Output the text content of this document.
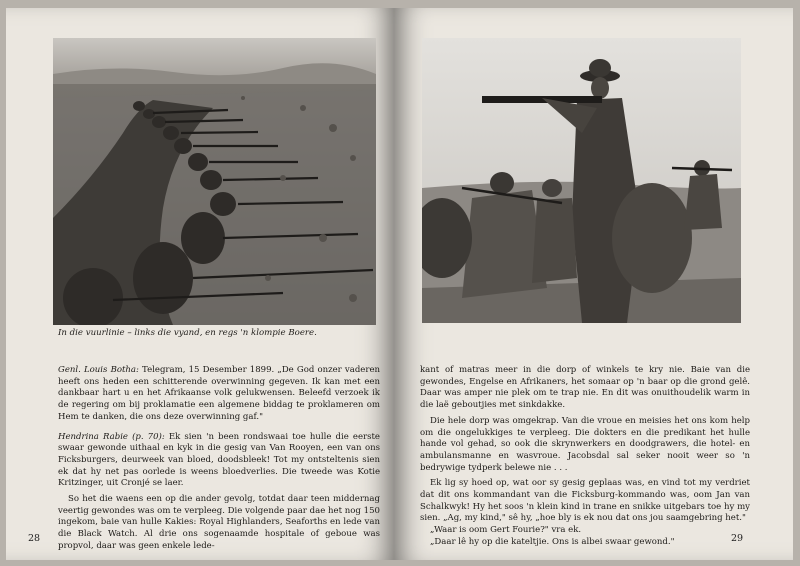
In die vuurlinie – links die vyand, en regs 'n klompie Boere.

Genl. Louis Botha: Telegram, 15 Desember 1899. „De God onzer vaderen heeft ons heden een schitterende overwinning gegeven. Ik kan met een dankbaar hart u en het Afrikaanse volk gelukwensen. Beleefd verzoek ik de regering om bij proklamatie een algemene biddag te proklameren om Hem te danken, die ons deze overwinning gaf."

Hendrina Rabie (p. 70): Ek sien 'n been rondswaai toe hulle die eerste swaar gewonde uithaal en kyk in die gesig van Van Rooyen, een van ons Ficksburgers, deurweek van bloed, doodsbleek! Tot my ontsteltenis sien ek dat hy net pas oorlede is weens bloedverlies. Die tweede was Kotie Kritzinger, uit Cronjé se laer.

So het die waens een op die ander gevolg, totdat daar teen middernag veertig gewondes was om te verpleeg. Die volgende paar dae het nog 150 ingekom, baie van hulle Kakies: Royal Highlanders, Seaforths en lede van die Black Watch. Al drie ons sogenaamde hospitale of geboue was propvol, daar was geen enkele lede-

28

kant of matras meer in die dorp of winkels te kry nie. Baie van die gewondes, Engelse en Afrikaners, het somaar op 'n baar op die grond gelê. Daar was amper nie plek om te trap nie. En dit was onuithoudelik warm in die laë geboutjies met sinkdakke.

Die hele dorp was omgekrap. Van die vroue en meisies het ons kom help om die ongelukkiges te verpleeg. Die dokters en die predikant het hulle hande vol gehad, so ook die skrynwerkers en doodgrawers, die hotel- en ambulansmanne en wasvroue. Jacobsdal sal seker nooit weer so 'n bedrywige tydperk belewe nie . . .

Ek lig sy hoed op, wat oor sy gesig geplaas was, en vind tot my verdriet dat dit ons kommandant van die Ficksburg-kommando was, oom Jan van Schalkwyk! Hy het soos 'n klein kind in trane en snikke uitgebars toe hy my sien. „Ag, my kind," sê hy, „hoe bly is ek nou dat ons jou saamgebring het."

„Waar is oom Gert Fourie?" vra ek.

„Daar lê hy op die kateltjie. Ons is albei swaar gewond."	29
